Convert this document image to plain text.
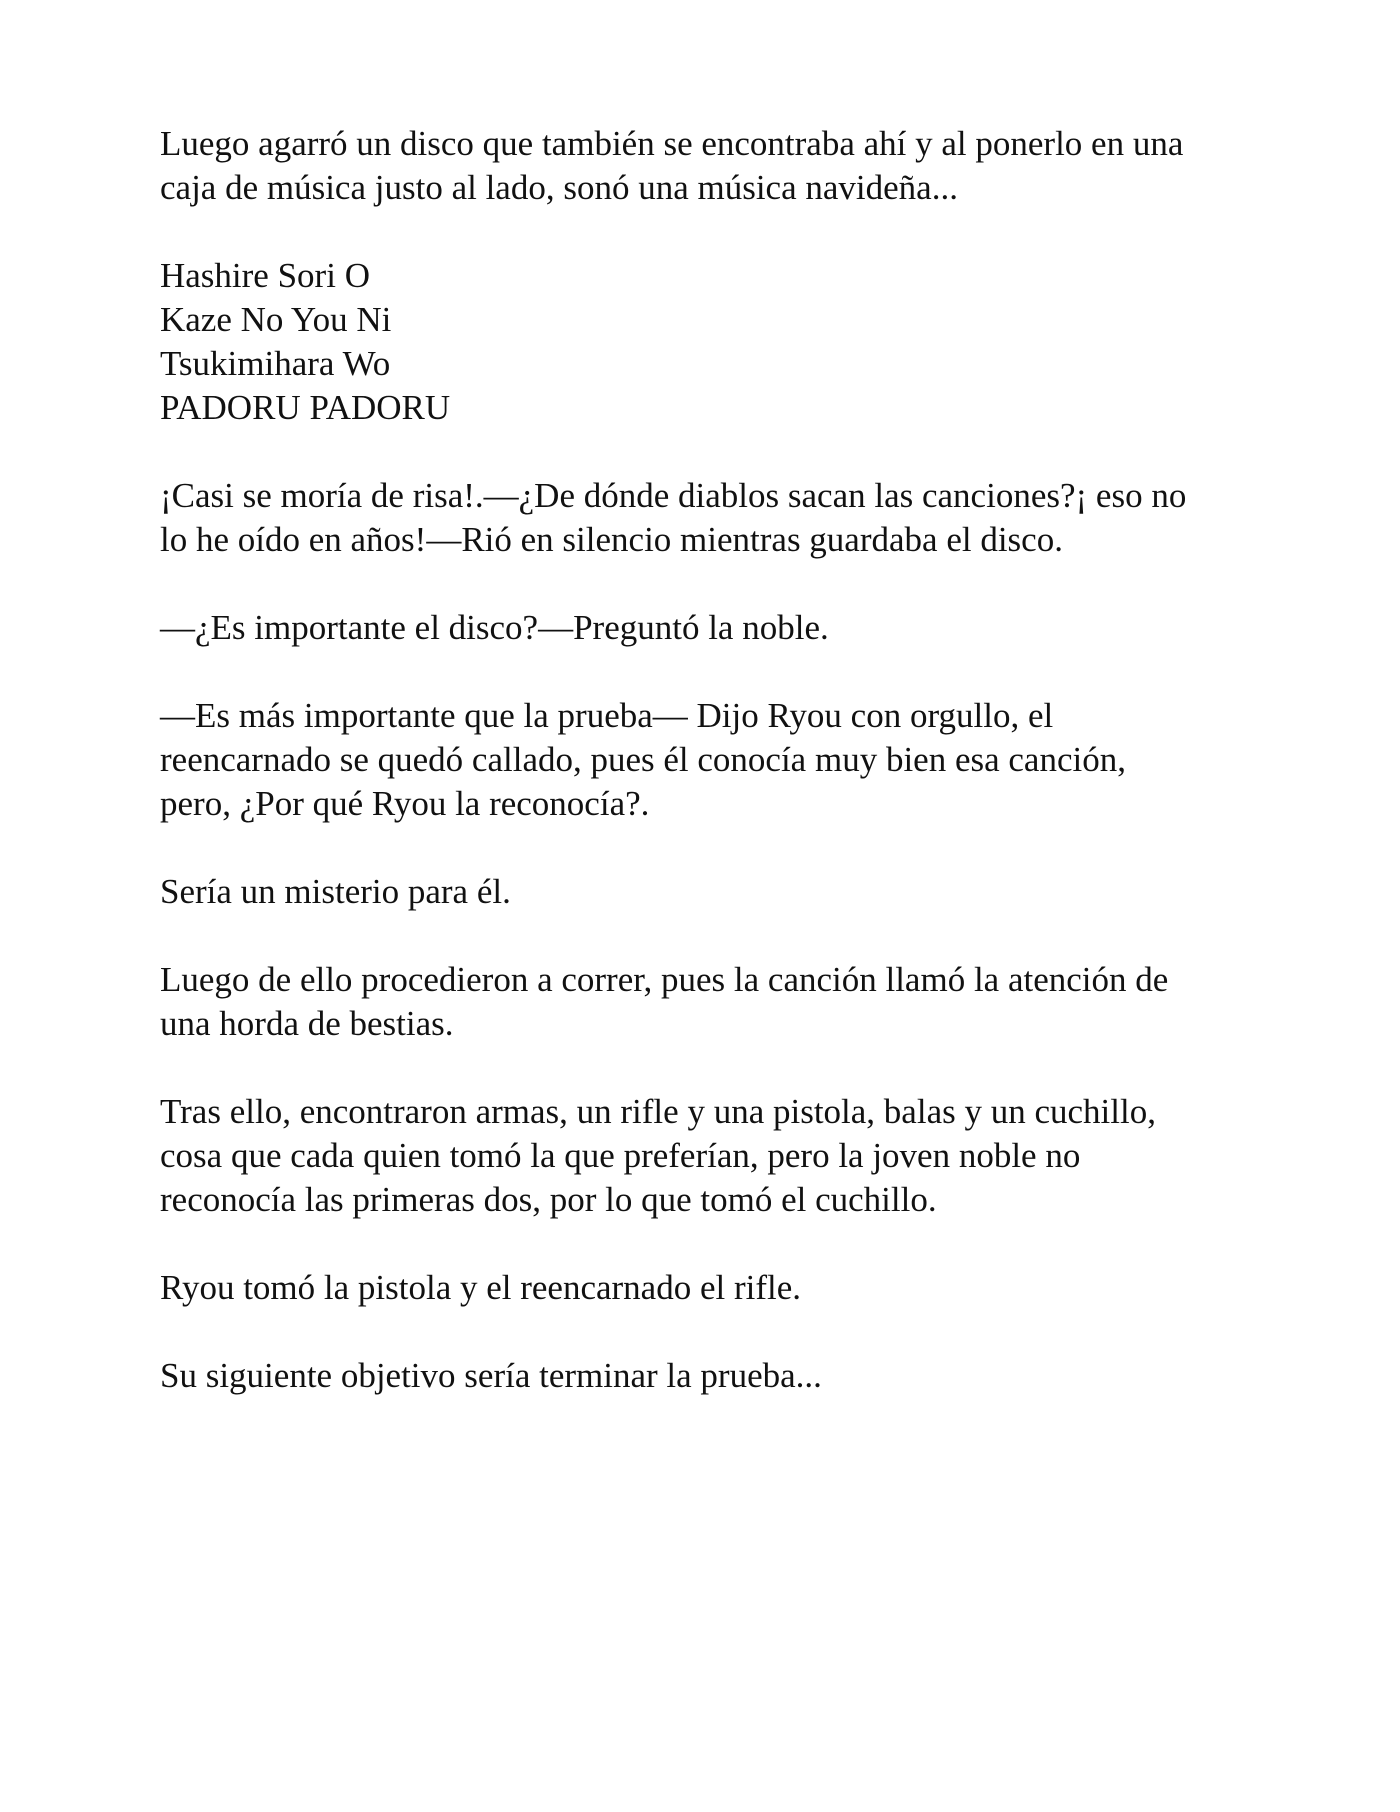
Luego agarró un disco que también se encontraba ahí y al ponerlo en una
caja de música justo al lado, sonó una música navideña...

Hashire Sori O
Kaze No You Ni
Tsukimihara Wo
PADORU PADORU

¡Casi se moría de risa!.—¿De dónde diablos sacan las canciones?¡ eso no
lo he oído en años!—Rió en silencio mientras guardaba el disco.

—¿Es importante el disco?—Preguntó la noble.

—Es más importante que la prueba— Dijo Ryou con orgullo, el
reencarnado se quedó callado, pues él conocía muy bien esa canción,
pero, ¿Por qué Ryou la reconocía?.

Sería un misterio para él.

Luego de ello procedieron a correr, pues la canción llamó la atención de
una horda de bestias.

Tras ello, encontraron armas, un rifle y una pistola, balas y un cuchillo,
cosa que cada quien tomó la que preferían, pero la joven noble no
reconocía las primeras dos, por lo que tomó el cuchillo.

Ryou tomó la pistola y el reencarnado el rifle.

Su siguiente objetivo sería terminar la prueba...
